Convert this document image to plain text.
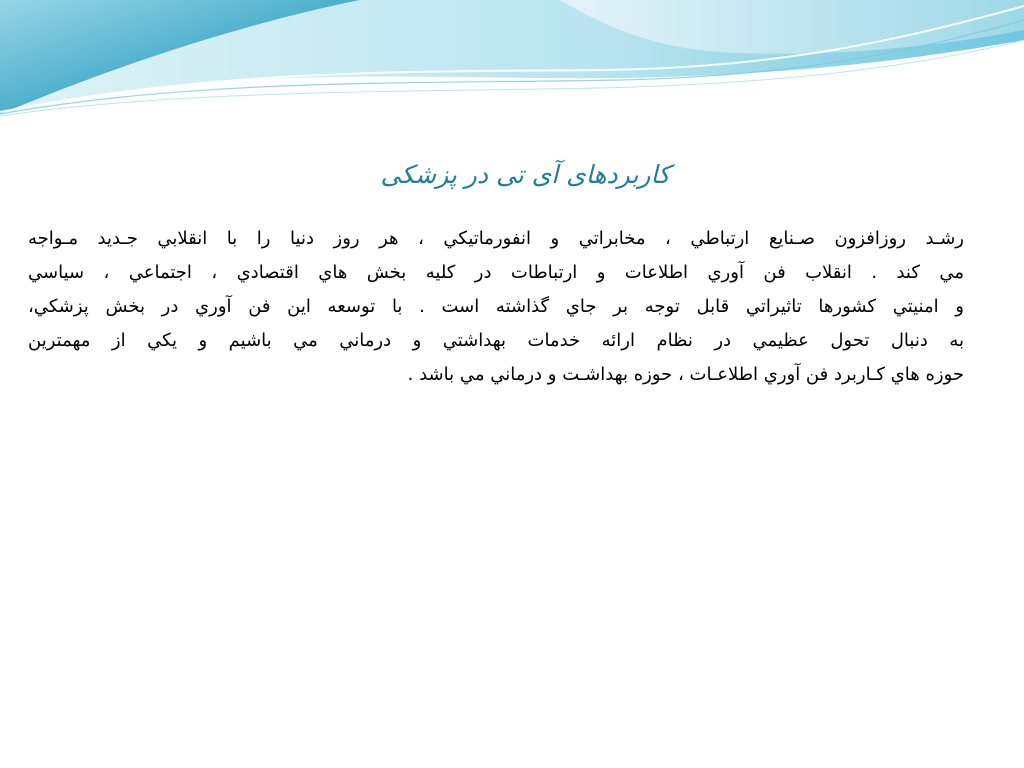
کاربردهای آی تی در پزشکی
رشـد روزافزون صـنايع ارتباطي ، مخابراتي و انفورماتيكي ، هر روز دنيا را با انقلابي جـديد مـواجه
مي كند . انقلاب فن آوري اطلاعات و ارتباطات در كليه بخش هاي اقتصادي ، اجتماعي ، سياسي
و امنيتي كشورها تاثيراتي قابل توجه بر جاي گذاشته است . با توسعه اين فن آوري در بخش پزشكي،
به دنبال تحول عظيمي در نظام ارائه خدمات بهداشتي و درماني مي باشيم و يكي از مهمترين
حوزه هاي كـاربرد فن آوري اطلاعـات ، حوزه بهداشـت و درماني مي باشد .
